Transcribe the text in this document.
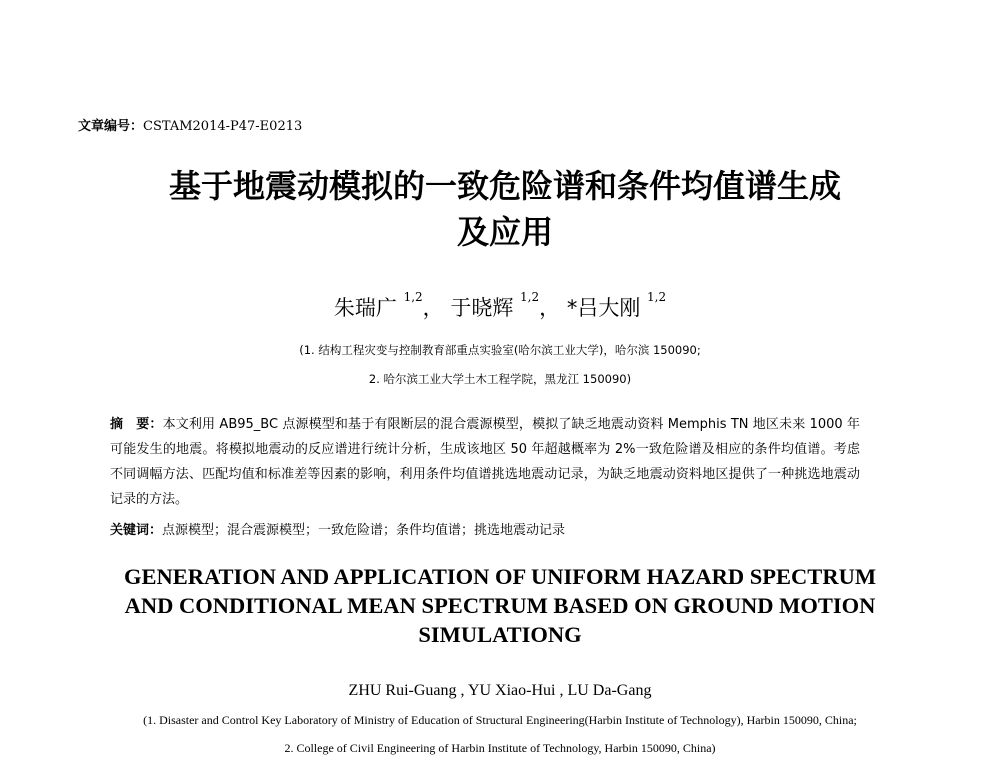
文章编号：CSTAM2014-P47-E0213
基于地震动模拟的一致危险谱和条件均值谱生成
及应用
朱瑞广 $^{1,2}$， 于晓辉 $^{1,2}$， *吕大刚 $^{1,2}$
(1. 结构工程灾变与控制教育部重点实验室(哈尔滨工业大学)，哈尔滨 150090;
2. 哈尔滨工业大学土木工程学院，黑龙江 150090)
摘　要：本文利用 AB95_BC 点源模型和基于有限断层的混合震源模型，模拟了缺乏地震动资料 Memphis TN 地区未来 1000 年可能发生的地震。将模拟地震动的反应谱进行统计分析，生成该地区 50 年超越概率为 2%一致危险谱及相应的条件均值谱。考虑不同调幅方法、匹配均值和标准差等因素的影响，利用条件均值谱挑选地震动记录，为缺乏地震动资料地区提供了一种挑选地震动记录的方法。
关键词：点源模型；混合震源模型；一致危险谱；条件均值谱；挑选地震动记录
GENERATION AND APPLICATION OF UNIFORM HAZARD SPECTRUM
AND CONDITIONAL MEAN SPECTRUM BASED ON GROUND MOTION
SIMULATIONG
ZHU Rui-Guang , YU Xiao-Hui , LU Da-Gang
(1. Disaster and Control Key Laboratory of Ministry of Education of Structural Engineering(Harbin Institute of Technology), Harbin 150090, China;
2. College of Civil Engineering of Harbin Institute of Technology, Harbin 150090, China)
